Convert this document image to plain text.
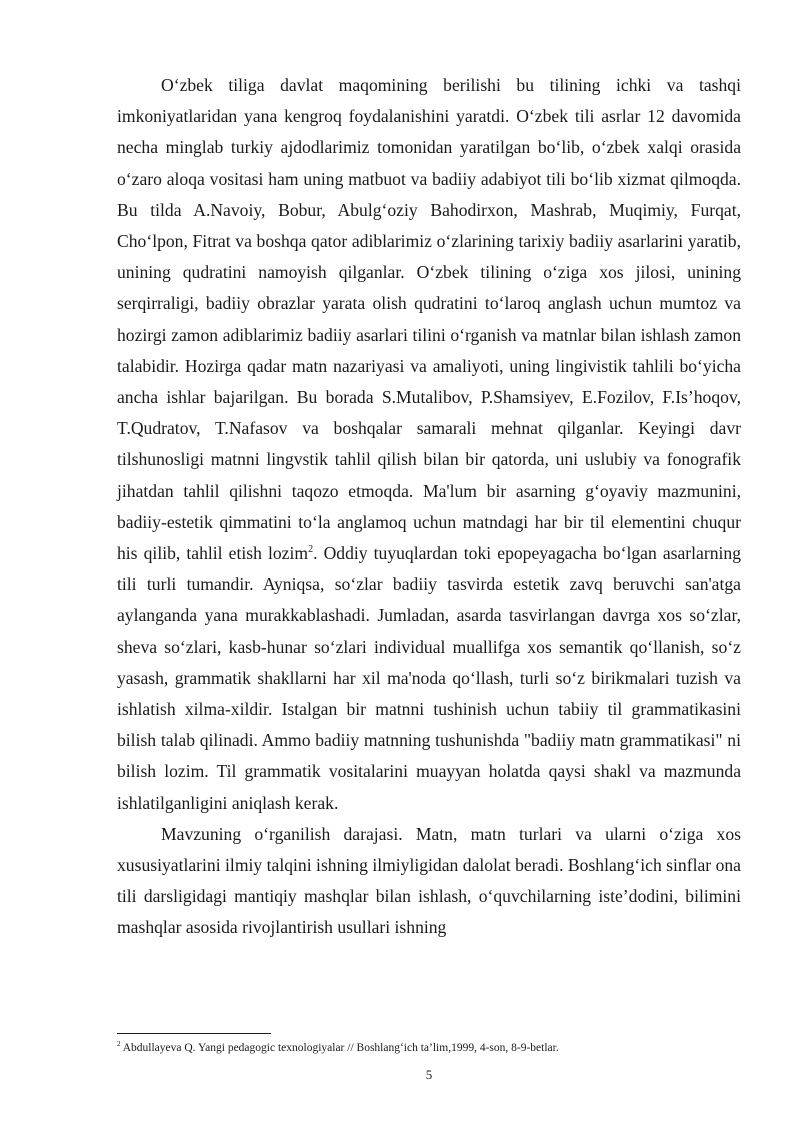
O‘zbek tiliga davlat maqomining berilishi bu tilining ichki va tashqi imkoniyatlaridan yana kengroq foydalanishini yaratdi. O‘zbek tili asrlar 12 davomida necha minglab turkiy ajdodlarimiz tomonidan yaratilgan bo‘lib, o‘zbek xalqi orasida o‘zaro aloqa vositasi ham uning matbuot va badiiy adabiyot tili bo‘lib xizmat qilmoqda. Bu tilda A.Navoiy, Bobur, Abulg‘oziy Bahodirxon, Mashrab, Muqimiy, Furqat, Cho‘lpon, Fitrat va boshqa qator adiblarimiz o‘zlarining tarixiy badiiy asarlarini yaratib, unining qudratini namoyish qilganlar. O‘zbek tilining o‘ziga xos jilosi, unining serqirraligi, badiiy obrazlar yarata olish qudratini to‘laroq anglash uchun mumtoz va hozirgi zamon adiblarimiz badiiy asarlari tilini o‘rganish va matnlar bilan ishlash zamon talabidir. Hozirga qadar matn nazariyasi va amaliyoti, uning lingivistik tahlili bo‘yicha ancha ishlar bajarilgan. Bu borada S.Mutalibov, P.Shamsiyev, E.Fozilov, F.Is’hoqov, T.Qudratov, T.Nafasov va boshqalar samarali mehnat qilganlar. Keyingi davr tilshunosligi matnni lingvstik tahlil qilish bilan bir qatorda, uni uslubiy va fonografik jihatdan tahlil qilishni taqozo etmoqda. Ma'lum bir asarning g‘oyaviy mazmunini, badiiy-estetik qimmatini to‘la anglamoq uchun matndagi har bir til elementini chuqur his qilib, tahlil etish lozim$^2$. Oddiy tuyuqlardan toki epopeyagacha bo‘lgan asarlarning tili turli tumandir. Ayniqsa, so‘zlar badiiy tasvirda estetik zavq beruvchi san'atga aylanganda yana murakkablashadi. Jumladan, asarda tasvirlangan davrga xos so‘zlar, sheva so‘zlari, kasb-hunar so‘zlari individual muallifga xos semantik qo‘llanish, so‘z yasash, grammatik shakllarni har xil ma'noda qo‘llash, turli so‘z birikmalari tuzish va ishlatish xilma-xildir. Istalgan bir matnni tushinish uchun tabiiy til grammatikasini bilish talab qilinadi. Ammo badiiy matnning tushunishda "badiiy matn grammatikasi" ni bilish lozim. Til grammatik vositalarini muayyan holatda qaysi shakl va mazmunda ishlatilganligini aniqlash kerak.

Mavzuning o‘rganilish darajasi. Matn, matn turlari va ularni o‘ziga xos xususiyatlarini ilmiy talqini ishning ilmiyligidan dalolat beradi. Boshlang‘ich sinflar ona tili darsligidagi mantiqiy mashqlar bilan ishlash, o‘quvchilarning iste’dodini, bilimini mashqlar asosida rivojlantirish usullari ishning

$^2$ Abdullayeva Q. Yangi pedagogic texnologiyalar // Boshlang‘ich ta’lim,1999, 4-son, 8-9-betlar.
5
